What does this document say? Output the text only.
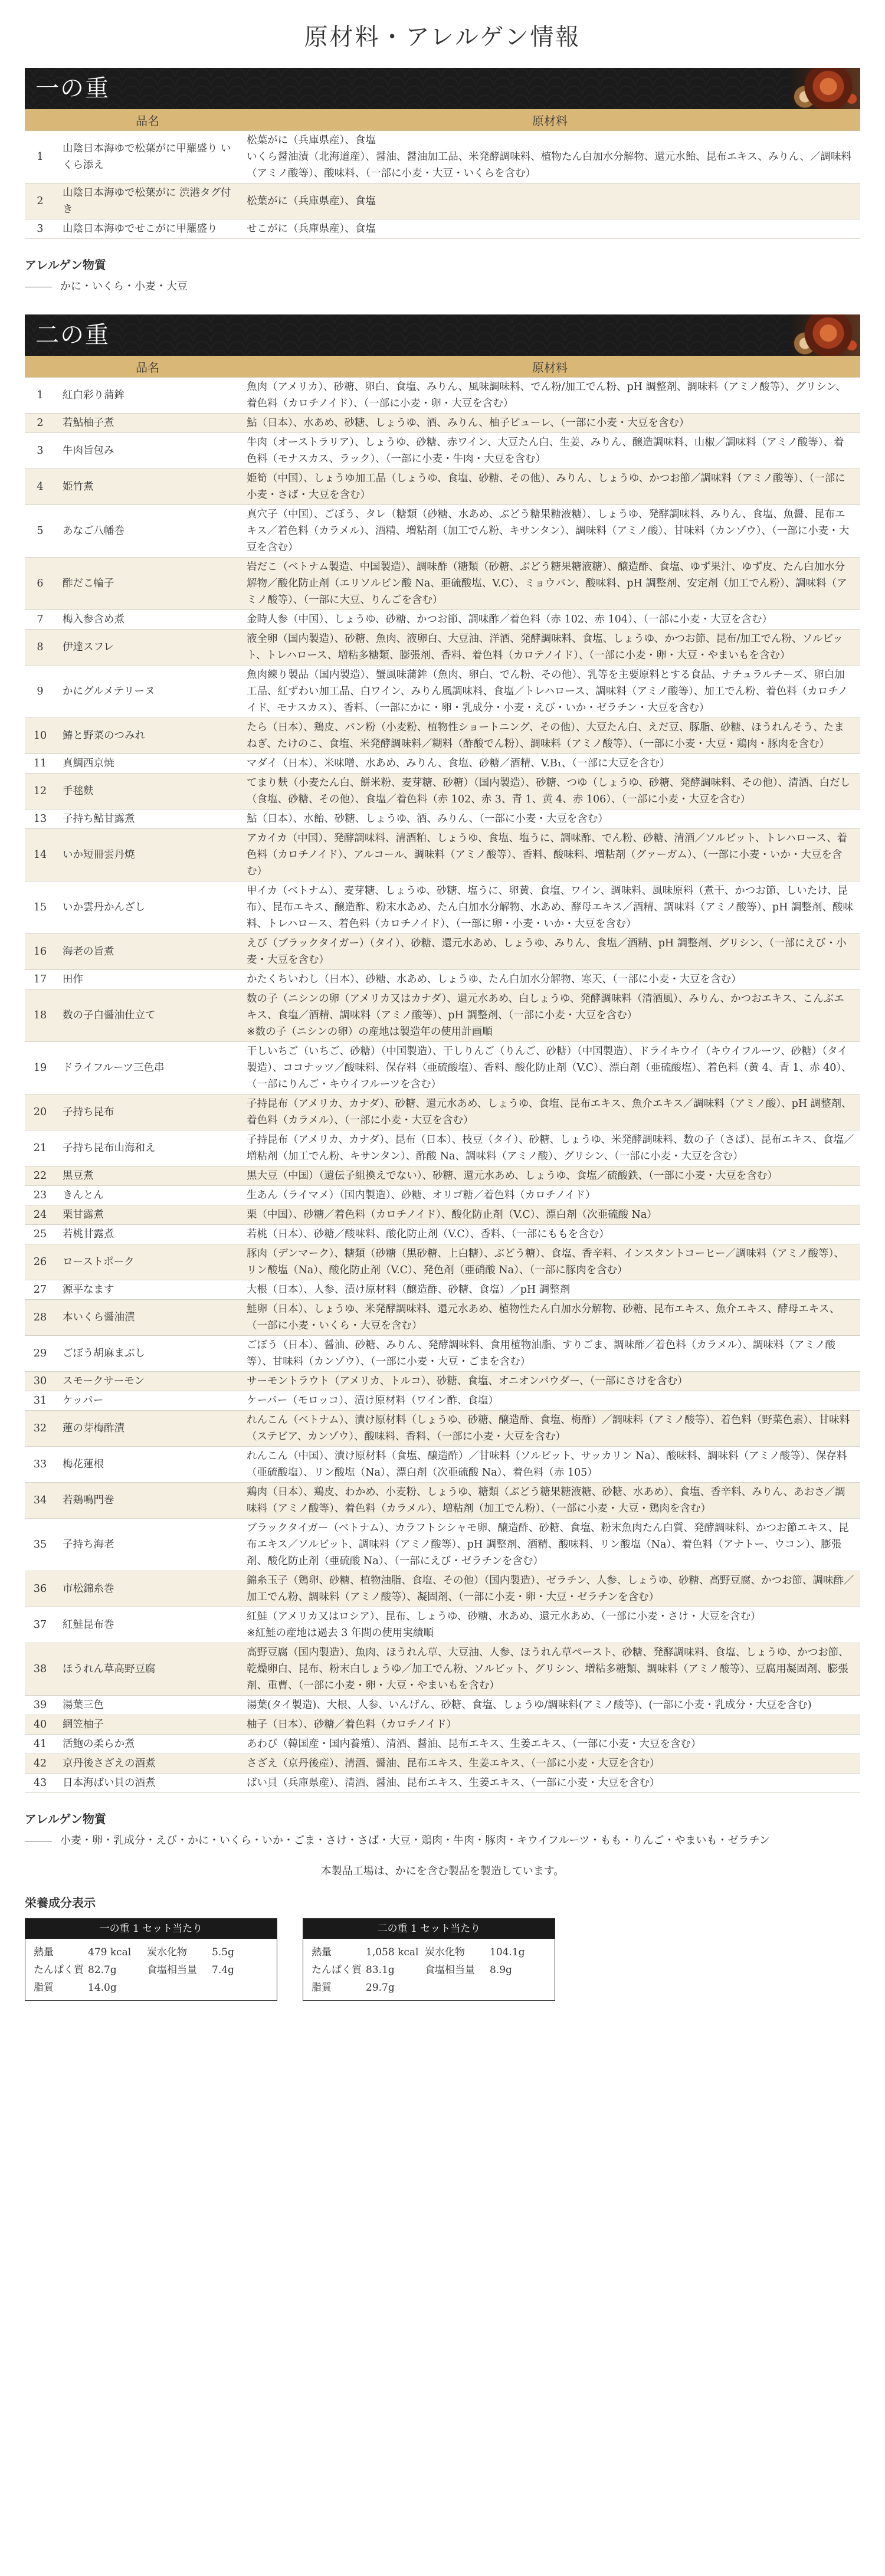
原材料・アレルゲン情報
一の重
	品名	原材料
1	山陰日本海ゆで松葉がに甲羅盛り いくら添え	松葉がに（兵庫県産）、食塩
いくら醤油漬（北海道産）、醤油、醤油加工品、米発酵調味料、植物たん白加水分解物、還元水飴、昆布エキス、みりん、／調味料（アミノ酸等）、酸味料、（一部に小麦・大豆・いくらを含む）
2	山陰日本海ゆで松葉がに 渋港タグ付き	松葉がに（兵庫県産）、食塩
3	山陰日本海ゆでせこがに甲羅盛り	せこがに（兵庫県産）、食塩
アレルゲン物質
かに・いくら・小麦・大豆
二の重
	品名	原材料
1	紅白彩り蒲鉾	魚肉（アメリカ）、砂糖、卵白、食塩、みりん、風味調味料、でん粉/加工でん粉、pH 調整剤、調味料（アミノ酸等）、グリシン、着色料（カロチノイド）、（一部に小麦・卵・大豆を含む）
2	若鮎柚子煮	鮎（日本）、水あめ、砂糖、しょうゆ、酒、みりん、柚子ピューレ、（一部に小麦・大豆を含む）
3	牛肉旨包み	牛肉（オーストラリア）、しょうゆ、砂糖、赤ワイン、大豆たん白、生姜、みりん、醸造調味料、山椒／調味料（アミノ酸等）、着色料（モナスカス、ラック）、（一部に小麦・牛肉・大豆を含む）
4	姫竹煮	姫筍（中国）、しょうゆ加工品（しょうゆ、食塩、砂糖、その他）、みりん、しょうゆ、かつお節／調味料（アミノ酸等）、（一部に小麦・さば・大豆を含む）
5	あなご八幡巻	真穴子（中国）、ごぼう、タレ（糖類（砂糖、水あめ、ぶどう糖果糖液糖）、しょうゆ、発酵調味料、みりん、食塩、魚醤、昆布エキス／着色料（カラメル）、酒精、増粘剤（加工でん粉、キサンタン）、調味料（アミノ酸）、甘味料（カンゾウ）、（一部に小麦・大豆を含む）
6	酢だこ輪子	岩だこ（ベトナム製造、中国製造）、調味酢（糖類（砂糖、ぶどう糖果糖液糖）、醸造酢、食塩、ゆず果汁、ゆず皮、たん白加水分解物／酸化防止剤（エリソルビン酸 Na、亜硫酸塩、V.C）、ミョウバン、酸味料、pH 調整剤、安定剤（加工でん粉）、調味料（アミノ酸等）、（一部に大豆、りんごを含む）
7	梅入参含め煮	金時人参（中国）、しょうゆ、砂糖、かつお節、調味酢／着色料（赤 102、赤 104）、（一部に小麦・大豆を含む）
8	伊達スフレ	液全卵（国内製造）、砂糖、魚肉、液卵白、大豆油、洋酒、発酵調味料、食塩、しょうゆ、かつお節、昆布/加工でん粉、ソルビット、トレハロース、増粘多糖類、膨張剤、香料、着色料（カロテノイド）、（一部に小麦・卵・大豆・やまいもを含む）
9	かにグルメテリーヌ	魚肉練り製品（国内製造）、蟹風味蒲鉾（魚肉、卵白、でん粉、その他）、乳等を主要原料とする食品、ナチュラルチーズ、卵白加工品、紅ずわい加工品、白ワイン、みりん風調味料、食塩／トレハロース、調味料（アミノ酸等）、加工でん粉、着色料（カロチノイド、モナスカス）、香料、（一部にかに・卵・乳成分・小麦・えび・いか・ゼラチン・大豆を含む）
10	鰆と野菜のつみれ	たら（日本）、鶏皮、パン粉（小麦粉、植物性ショートニング、その他）、大豆たん白、えだ豆、豚脂、砂糖、ほうれんそう、たまねぎ、たけのこ、食塩、米発酵調味料／糊料（酢酸でん粉）、調味料（アミノ酸等）、（一部に小麦・大豆・鶏肉・豚肉を含む）
11	真鯛西京焼	マダイ（日本）、米味噌、水あめ、みりん、食塩、砂糖／酒精、V.B₁、（一部に大豆を含む）
12	手毬麩	てまり麩（小麦たん白、餅米粉、麦芽糖、砂糖）（国内製造）、砂糖、つゆ（しょうゆ、砂糖、発酵調味料、その他）、清酒、白だし（食塩、砂糖、その他）、食塩／着色料（赤 102、赤 3、青 1、黄 4、赤 106）、（一部に小麦・大豆を含む）
13	子持ち鮎甘露煮	鮎（日本）、水飴、砂糖、しょうゆ、酒、みりん、（一部に小麦・大豆を含む）
14	いか短冊雲丹焼	アカイカ（中国）、発酵調味料、清酒粕、しょうゆ、食塩、塩うに、調味酢、でん粉、砂糖、清酒／ソルビット、トレハロース、着色料（カロチノイド）、アルコール、調味料（アミノ酸等）、香料、酸味料、増粘剤（グァーガム）、（一部に小麦・いか・大豆を含む）
15	いか雲丹かんざし	甲イカ（ベトナム）、麦芽糖、しょうゆ、砂糖、塩うに、卵黄、食塩、ワイン、調味料、風味原料（煮干、かつお節、しいたけ、昆布）、昆布エキス、醸造酢、粉末水あめ、たん白加水分解物、水あめ、酵母エキス／酒精、調味料（アミノ酸等）、pH 調整剤、酸味料、トレハロース、着色料（カロチノイド）、（一部に卵・小麦・いか・大豆を含む）
16	海老の旨煮	えび（ブラックタイガー）（タイ）、砂糖、還元水あめ、しょうゆ、みりん、食塩／酒精、pH 調整剤、グリシン、（一部にえび・小麦・大豆を含む）
17	田作	かたくちいわし（日本）、砂糖、水あめ、しょうゆ、たん白加水分解物、寒天、（一部に小麦・大豆を含む）
18	数の子白醤油仕立て	数の子（ニシンの卵（アメリカ又はカナダ）、還元水あめ、白しょうゆ、発酵調味料（清酒風）、みりん、かつおエキス、こんぶエキス、食塩／酒精、調味料（アミノ酸等）、pH 調整剤、（一部に小麦・大豆を含む）
※数の子（ニシンの卵）の産地は製造年の使用計画順
19	ドライフルーツ三色串	干しいちご（いちご、砂糖）（中国製造）、干しりんご（りんご、砂糖）（中国製造）、ドライキウイ（キウイフルーツ、砂糖）（タイ製造）、ココナッツ／酸味料、保存料（亜硫酸塩）、香料、酸化防止剤（V.C）、漂白剤（亜硫酸塩）、着色料（黄 4、青 1、赤 40）、（一部にりんご・キウイフルーツを含む）
20	子持ち昆布	子持昆布（アメリカ、カナダ）、砂糖、還元水あめ、しょうゆ、食塩、昆布エキス、魚介エキス／調味料（アミノ酸）、pH 調整剤、着色料（カラメル）、（一部に小麦・大豆を含む）
21	子持ち昆布山海和え	子持昆布（アメリカ、カナダ）、昆布（日本）、枝豆（タイ）、砂糖、しょうゆ、米発酵調味料、数の子（さば）、昆布エキス、食塩／増粘剤（加工でん粉、キサンタン）、酢酸 Na、調味料（アミノ酸）、グリシン、（一部に小麦・大豆を含む）
22	黒豆煮	黒大豆（中国）（遺伝子組換えでない）、砂糖、還元水あめ、しょうゆ、食塩／硫酸鉄、（一部に小麦・大豆を含む）
23	きんとん	生あん（ライマメ）（国内製造）、砂糖、オリゴ糖／着色料（カロチノイド）
24	栗甘露煮	栗（中国）、砂糖／着色料（カロチノイド）、酸化防止剤（V.C）、漂白剤（次亜硫酸 Na）
25	若桃甘露煮	若桃（日本）、砂糖／酸味料、酸化防止剤（V.C）、香料、（一部にももを含む）
26	ローストポーク	豚肉（デンマーク）、糖類（砂糖（黒砂糖、上白糖）、ぶどう糖）、食塩、香辛料、インスタントコーヒー／調味料（アミノ酸等）、リン酸塩（Na）、酸化防止剤（V.C）、発色剤（亜硝酸 Na）、（一部に豚肉を含む）
27	源平なます	大根（日本）、人参、漬け原材料（醸造酢、砂糖、食塩）／pH 調整剤
28	本いくら醤油漬	鮭卵（日本）、しょうゆ、米発酵調味料、還元水あめ、植物性たん白加水分解物、砂糖、昆布エキス、魚介エキス、酵母エキス、（一部に小麦・いくら・大豆を含む）
29	ごぼう胡麻まぶし	ごぼう（日本）、醤油、砂糖、みりん、発酵調味料、食用植物油脂、すりごま、調味酢／着色料（カラメル）、調味料（アミノ酸等）、甘味料（カンゾウ）、（一部に小麦・大豆・ごまを含む）
30	スモークサーモン	サーモントラウト（アメリカ、トルコ）、砂糖、食塩、オニオンパウダー、（一部にさけを含む）
31	ケッパー	ケーパー（モロッコ）、漬け原材料（ワイン酢、食塩）
32	蓮の芽梅酢漬	れんこん（ベトナム）、漬け原材料（しょうゆ、砂糖、醸造酢、食塩、梅酢）／調味料（アミノ酸等）、着色料（野菜色素）、甘味料（ステビア、カンゾウ）、酸味料、香料、（一部に小麦・大豆を含む）
33	梅花蓮根	れんこん（中国）、漬け原材料（食塩、醸造酢）／甘味料（ソルビット、サッカリン Na）、酸味料、調味料（アミノ酸等）、保存料（亜硫酸塩）、リン酸塩（Na）、漂白剤（次亜硫酸 Na）、着色料（赤 105）
34	若鶏鳴門巻	鶏肉（日本）、鶏皮、わかめ、小麦粉、しょうゆ、糖類（ぶどう糖果糖液糖、砂糖、水あめ）、食塩、香辛料、みりん、あおさ／調味料（アミノ酸等）、着色料（カラメル）、増粘剤（加工でん粉）、（一部に小麦・大豆・鶏肉を含む）
35	子持ち海老	ブラックタイガー（ベトナム）、カラフトシシャモ卵、醸造酢、砂糖、食塩、粉末魚肉たん白質、発酵調味料、かつお節エキス、昆布エキス／ソルビット、調味料（アミノ酸等）、pH 調整剤、酒精、酸味料、リン酸塩（Na）、着色料（アナトー、ウコン）、膨張剤、酸化防止剤（亜硫酸 Na）、（一部にえび・ゼラチンを含む）
36	市松錦糸巻	錦糸玉子（鶏卵、砂糖、植物油脂、食塩、その他）（国内製造）、ゼラチン、人参、しょうゆ、砂糖、高野豆腐、かつお節、調味酢／加工でん粉、調味料（アミノ酸等）、凝固剤、（一部に小麦・卵・大豆・ゼラチンを含む）
37	紅鮭昆布巻	紅鮭（アメリカ又はロシア）、昆布、しょうゆ、砂糖、水あめ、還元水あめ、（一部に小麦・さけ・大豆を含む）
※紅鮭の産地は過去 3 年間の使用実績順
38	ほうれん草高野豆腐	高野豆腐（国内製造）、魚肉、ほうれん草、大豆油、人参、ほうれん草ペースト、砂糖、発酵調味料、食塩、しょうゆ、かつお節、乾燥卵白、昆布、粉末白しょうゆ／加工でん粉、ソルビット、グリシン、増粘多糖類、調味料（アミノ酸等）、豆腐用凝固剤、膨張剤、重曹、（一部に小麦・卵・大豆・やまいもを含む）
39	湯葉三色	湯葉(タイ製造)、大根、人参、いんげん、砂糖、食塩、しょうゆ/調味料(アミノ酸等)、(一部に小麦・乳成分・大豆を含む)
40	網笠柚子	柚子（日本）、砂糖／着色料（カロチノイド）
41	活鮑の柔らか煮	あわび（韓国産・国内養殖）、清酒、醤油、昆布エキス、生姜エキス、（一部に小麦・大豆を含む）
42	京丹後さざえの酒煮	さざえ（京丹後産）、清酒、醤油、昆布エキス、生姜エキス、（一部に小麦・大豆を含む）
43	日本海ばい貝の酒煮	ばい貝（兵庫県産）、清酒、醤油、昆布エキス、生姜エキス、（一部に小麦・大豆を含む）
アレルゲン物質
小麦・卵・乳成分・えび・かに・いくら・いか・ごま・さけ・さば・大豆・鶏肉・牛肉・豚肉・キウイフルーツ・もも・りんご・やまいも・ゼラチン
本製品工場は、かにを含む製品を製造しています。
栄養成分表示
一の重 1 セット当たり
熱量	479 kcal	炭水化物	5.5g
たんぱく質 82.7g	食塩相当量	7.4g
脂質	14.0g
二の重 1 セット当たり
熱量	1,058 kcal 炭水化物	104.1g
たんぱく質 83.1g	食塩相当量	8.9g
脂質	29.7g
